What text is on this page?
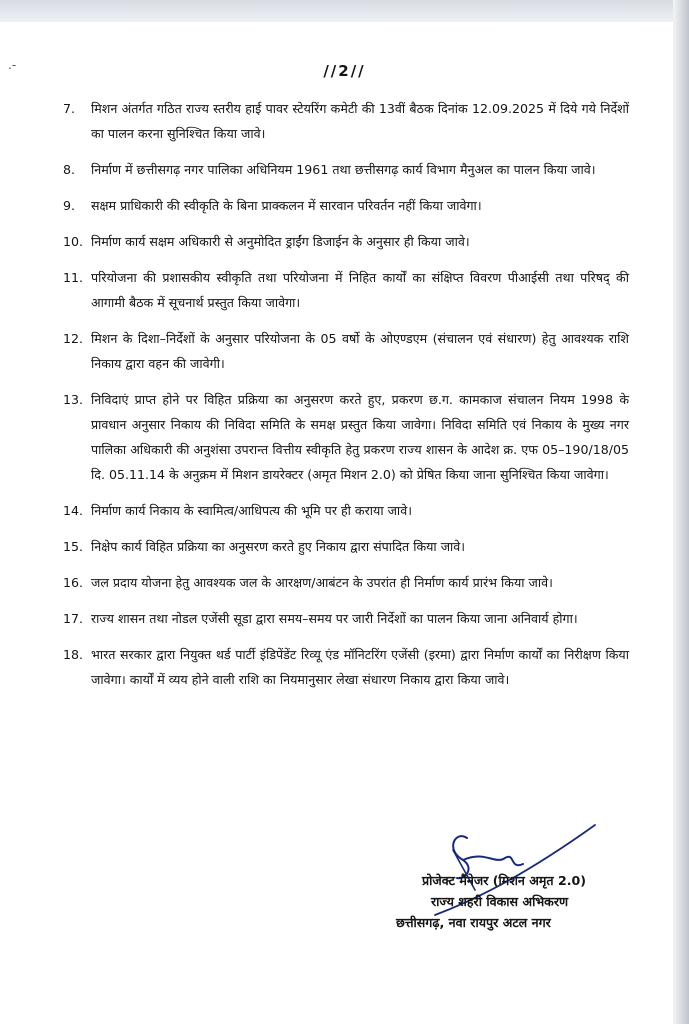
.-	//2//
7. मिशन अंतर्गत गठित राज्य स्तरीय हाई पावर स्टेयरिंग कमेटी की 13वीं बैठक दिनांक 12.09.2025 में दिये गये निर्देशों का पालन करना सुनिश्चित किया जावे।
8. निर्माण में छत्तीसगढ़ नगर पालिका अधिनियम 1961 तथा छत्तीसगढ़ कार्य विभाग मैनुअल का पालन किया जावे।
9. सक्षम प्राधिकारी की स्वीकृति के बिना प्राक्कलन में सारवान परिवर्तन नहीं किया जावेगा।
10. निर्माण कार्य सक्षम अधिकारी से अनुमोदित ड्राईंग डिजाईन के अनुसार ही किया जावे।
11. परियोजना की प्रशासकीय स्वीकृति तथा परियोजना में निहित कार्यों का संक्षिप्त विवरण पीआईसी तथा परिषद् की आगामी बैठक में सूचनार्थ प्रस्तुत किया जावेगा।
12. मिशन के दिशा–निर्देशों के अनुसार परियोजना के 05 वर्षो के ओएण्डएम (संचालन एवं संधारण) हेतु आवश्यक राशि निकाय द्वारा वहन की जावेगी।
13. निविदाएं प्राप्त होने पर विहित प्रक्रिया का अनुसरण करते हुए, प्रकरण छ.ग. कामकाज संचालन नियम 1998 के प्रावधान अनुसार निकाय की निविदा समिति के समक्ष प्रस्तुत किया जावेगा। निविदा समिति एवं निकाय के मुख्य नगर पालिका अधिकारी की अनुशंसा उपरान्त वित्तीय स्वीकृति हेतु प्रकरण राज्य शासन के आदेश क्र. एफ 05–190/18/05 दि. 05.11.14 के अनुक्रम में मिशन डायरेक्टर (अमृत मिशन 2.0) को प्रेषित किया जाना सुनिश्चित किया जावेगा।
14. निर्माण कार्य निकाय के स्वामित्व/आधिपत्य की भूमि पर ही कराया जावे।
15. निक्षेप कार्य विहित प्रक्रिया का अनुसरण करते हुए निकाय द्वारा संपादित किया जावे।
16. जल प्रदाय योजना हेतु आवश्यक जल के आरक्षण/आबंटन के उपरांत ही निर्माण कार्य प्रारंभ किया जावे।
17. राज्य शासन तथा नोडल एजेंसी सूडा द्वारा समय–समय पर जारी निर्देशों का पालन किया जाना अनिवार्य होगा।
18. भारत सरकार द्वारा नियुक्त थर्ड पार्टी इंडिपेंडेंट रिव्यू एंड मॉनिटरिंग एजेंसी (इरमा) द्वारा निर्माण कार्यों का निरीक्षण किया जावेगा। कार्यों में व्यय होने वाली राशि का नियमानुसार लेखा संधारण निकाय द्वारा किया जावे।
प्रोजेक्ट मैनेजर (मिशन अमृत 2.0)
राज्य शहरी विकास अभिकरण
छत्तीसगढ़, नवा रायपुर अटल नगर
